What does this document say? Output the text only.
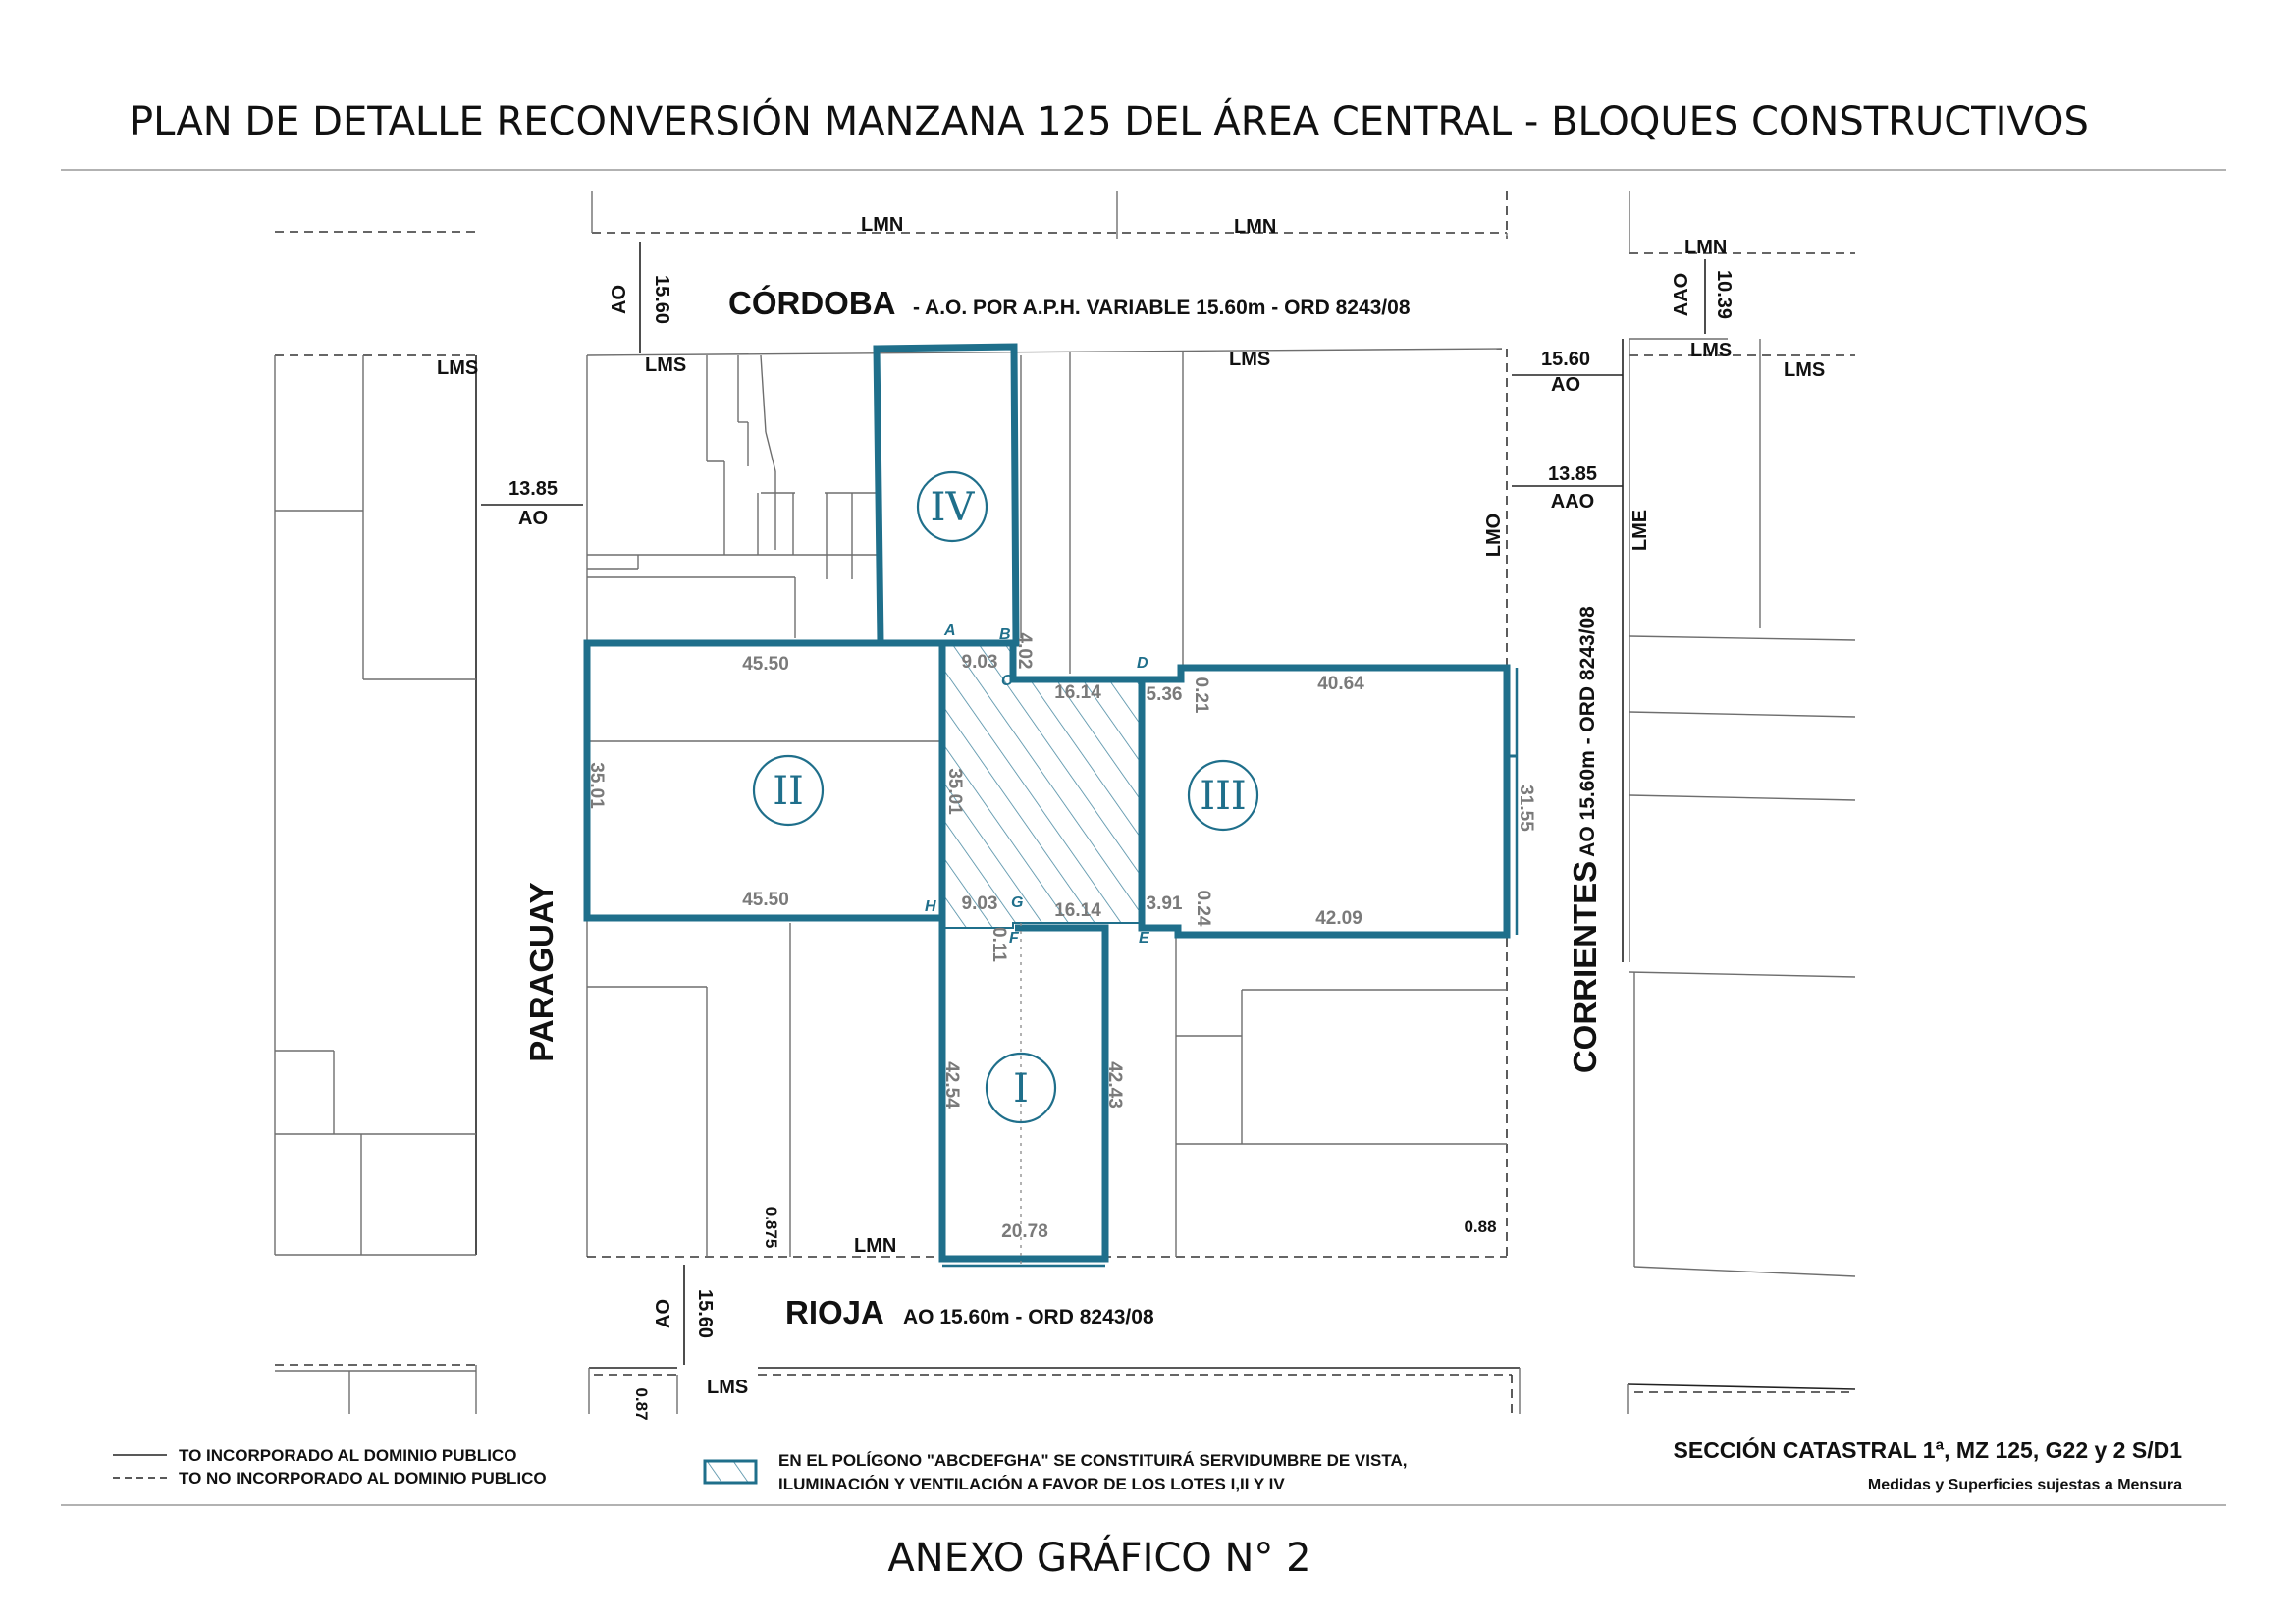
PLAN DE DETALLE RECONVERSIÓN MANZANA 125 DEL ÁREA CENTRAL - BLOQUES CONSTRUCTIVOS
ANEXO GRÁFICO N° 2
IV
II	III
I
A	B
C
D
E
F
G
H
45.50
45.50
35.01
9.03
9.03
16.14
16.14
35.01
4.02
5.36
3.91
0.21
0.24
0.11
40.64
42.09
31.55
42.54	42.43
20.78
LMN	LMN
LMN
LMS	LMS	LMS	LMS
LMS
LMO	LME
LMN
LMS
15.60
AO
13.85
AO
15.60
AO
13.85
AAO
10.39
AAO
15.60
AO
0.875	0.88
0.87
CÓRDOBA - A.O. POR A.P.H. VARIABLE 15.60m - ORD 8243/08
RIOJA AO 15.60m - ORD 8243/08
PARAGUAY	CORRIENTES
AO 15.60m - ORD 8243/08
TO INCORPORADO AL DOMINIO PUBLICO
TO NO INCORPORADO AL DOMINIO PUBLICO
EN EL POLÍGONO "ABCDEFGHA" SE CONSTITUIRÁ SERVIDUMBRE DE VISTA,
ILUMINACIÓN Y VENTILACIÓN A FAVOR DE LOS LOTES I,II Y IV
SECCIÓN CATASTRAL 1ª, MZ 125, G22 y 2 S/D1
Medidas y Superficies sujestas a Mensura
